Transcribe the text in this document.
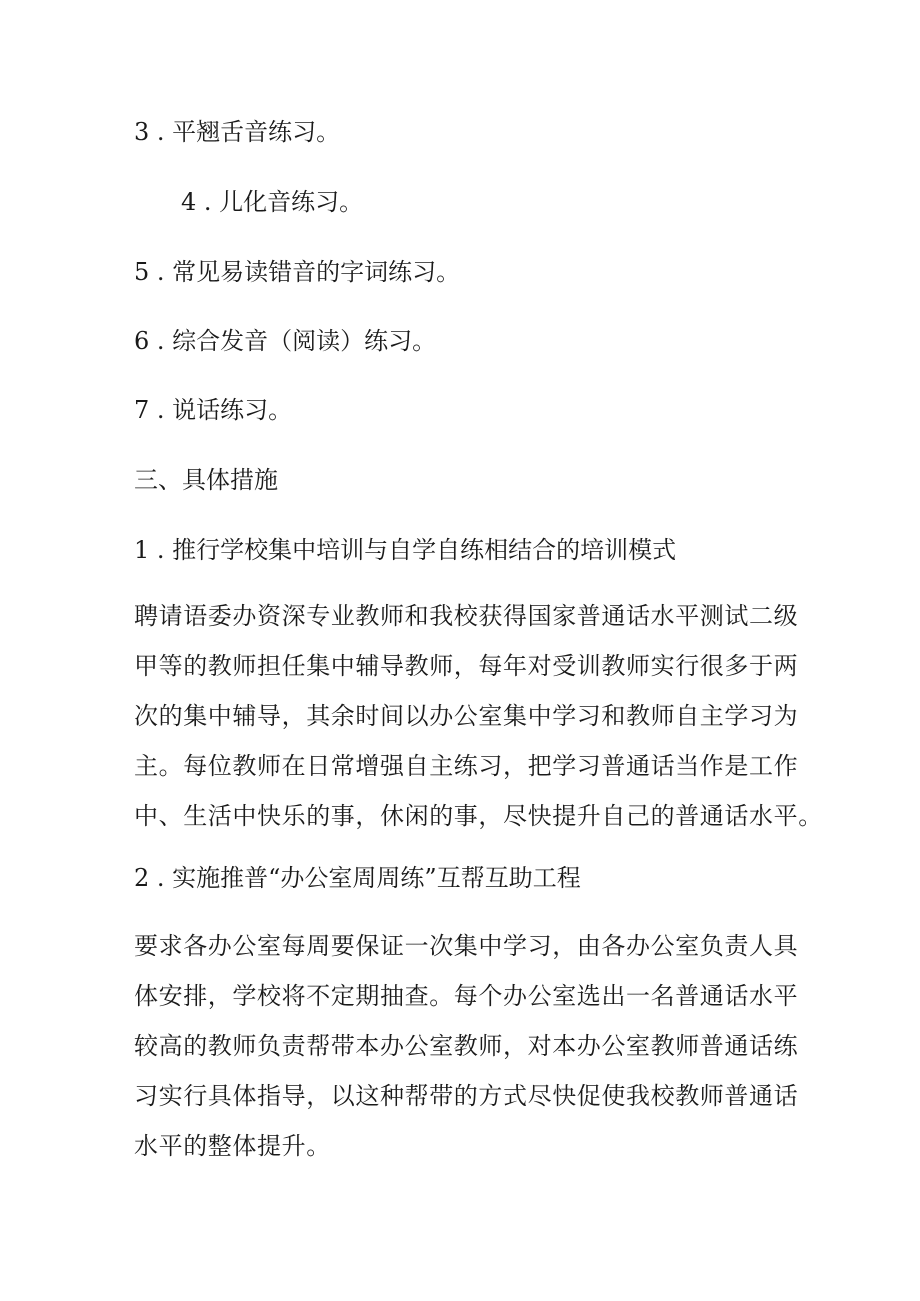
3 . 平翘舌音练习。
4 . 儿化音练习。
5 . 常见易读错音的字词练习。
6 . 综合发音（阅读）练习。
7 . 说话练习。
三、具体措施
1 . 推行学校集中培训与自学自练相结合的培训模式
聘请语委办资深专业教师和我校获得国家普通话水平测试二级
甲等的教师担任集中辅导教师，每年对受训教师实行很多于两
次的集中辅导，其余时间以办公室集中学习和教师自主学习为
主。每位教师在日常增强自主练习，把学习普通话当作是工作
中、生活中快乐的事，休闲的事，尽快提升自己的普通话水平。
2 . 实施推普“办公室周周练”互帮互助工程
要求各办公室每周要保证一次集中学习，由各办公室负责人具
体安排，学校将不定期抽查。每个办公室选出一名普通话水平
较高的教师负责帮带本办公室教师，对本办公室教师普通话练
习实行具体指导，以这种帮带的方式尽快促使我校教师普通话
水平的整体提升。
